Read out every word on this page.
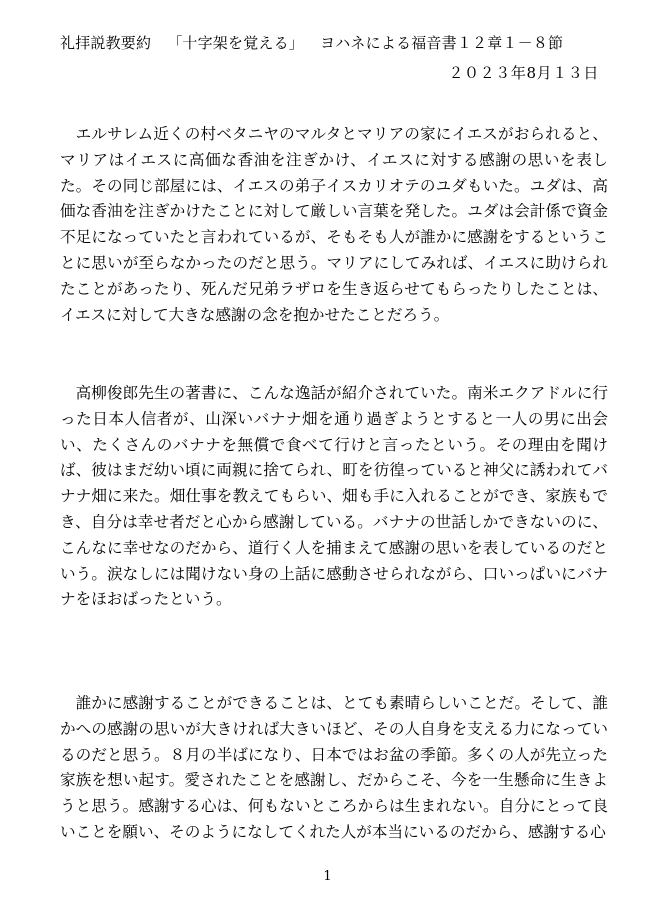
礼拝説教要約 「十字架を覚える」 ヨハネによる福音書１２章１－８節
２０２３年8月１３日

エルサレム近くの村ベタニヤのマルタとマリアの家にイエスがおられると、マリアはイエスに高価な香油を注ぎかけ、イエスに対する感謝の思いを表した。その同じ部屋には、イエスの弟子イスカリオテのユダもいた。ユダは、高価な香油を注ぎかけたことに対して厳しい言葉を発した。ユダは会計係で資金不足になっていたと言われているが、そもそも人が誰かに感謝をするということに思いが至らなかったのだと思う。マリアにしてみれば、イエスに助けられたことがあったり、死んだ兄弟ラザロを生き返らせてもらったりしたことは、イエスに対して大きな感謝の念を抱かせたことだろう。

高柳俊郎先生の著書に、こんな逸話が紹介されていた。南米エクアドルに行った日本人信者が、山深いバナナ畑を通り過ぎようとすると一人の男に出会い、たくさんのバナナを無償で食べて行けと言ったという。その理由を聞けば、彼はまだ幼い頃に両親に捨てられ、町を彷徨っていると神父に誘われてバナナ畑に来た。畑仕事を教えてもらい、畑も手に入れることができ、家族もでき、自分は幸せ者だと心から感謝している。バナナの世話しかできないのに、こんなに幸せなのだから、道行く人を捕まえて感謝の思いを表しているのだという。涙なしには聞けない身の上話に感動させられながら、口いっぱいにバナナをほおばったという。

誰かに感謝することができることは、とても素晴らしいことだ。そして、誰かへの感謝の思いが大きければ大きいほど、その人自身を支える力になっているのだと思う。８月の半ばになり、日本ではお盆の季節。多くの人が先立った家族を想い起す。愛されたことを感謝し、だからこそ、今を一生懸命に生きようと思う。感謝する心は、何もないところからは生まれない。自分にとって良いことを願い、そのようになしてくれた人が本当にいるのだから、感謝する心

1
